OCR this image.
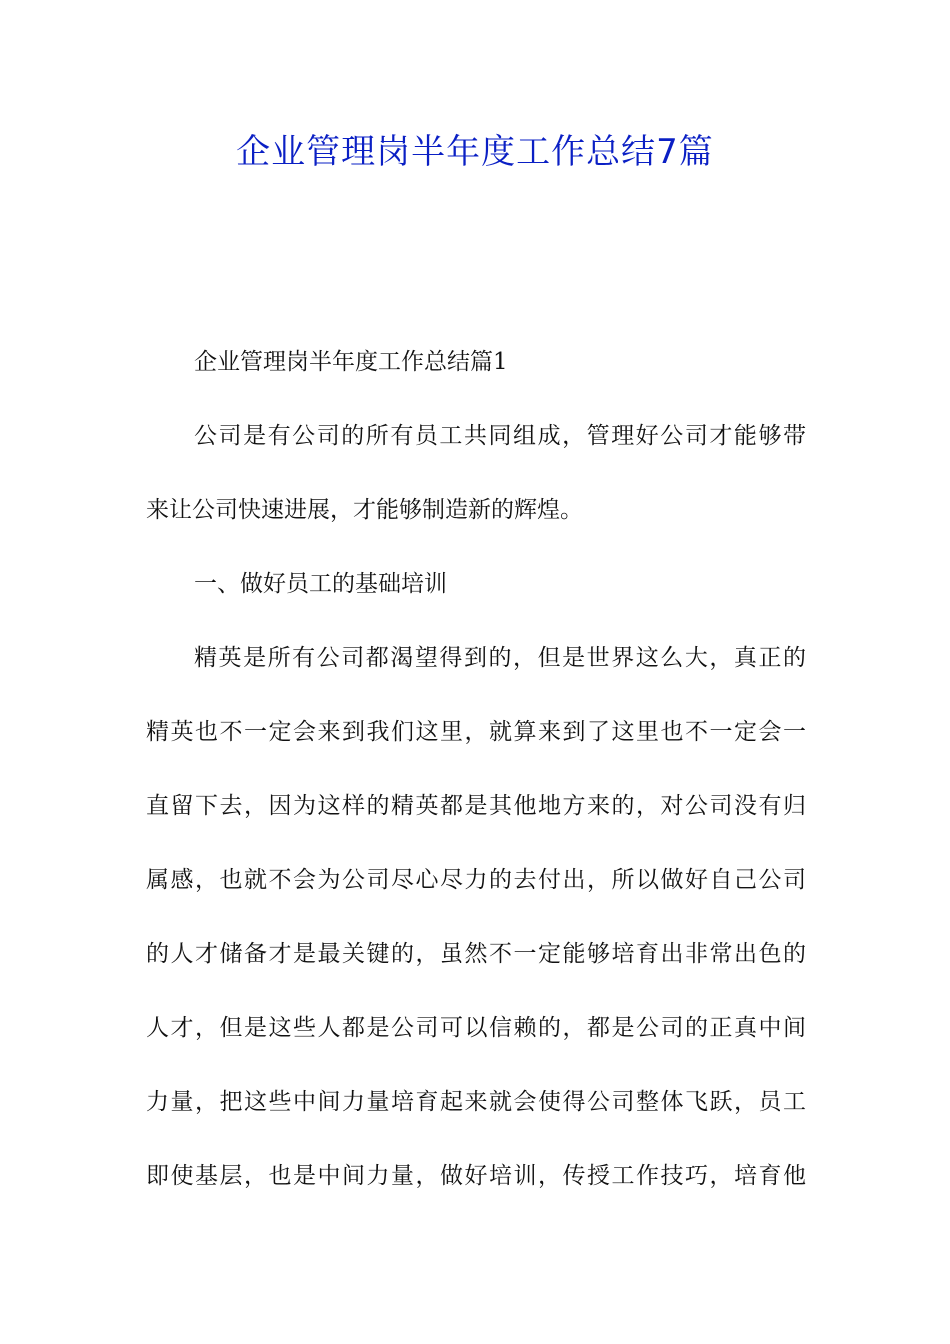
企业管理岗半年度工作总结7篇

企业管理岗半年度工作总结篇1

公司是有公司的所有员工共同组成，管理好公司才能够带

来让公司快速进展，才能够制造新的辉煌。

一、做好员工的基础培训

精英是所有公司都渴望得到的，但是世界这么大，真正的

精英也不一定会来到我们这里，就算来到了这里也不一定会一

直留下去，因为这样的精英都是其他地方来的，对公司没有归

属感，也就不会为公司尽心尽力的去付出，所以做好自己公司

的人才储备才是最关键的，虽然不一定能够培育出非常出色的

人才，但是这些人都是公司可以信赖的，都是公司的正真中间

力量，把这些中间力量培育起来就会使得公司整体飞跃，员工

即使基层，也是中间力量，做好培训，传授工作技巧，培育他
